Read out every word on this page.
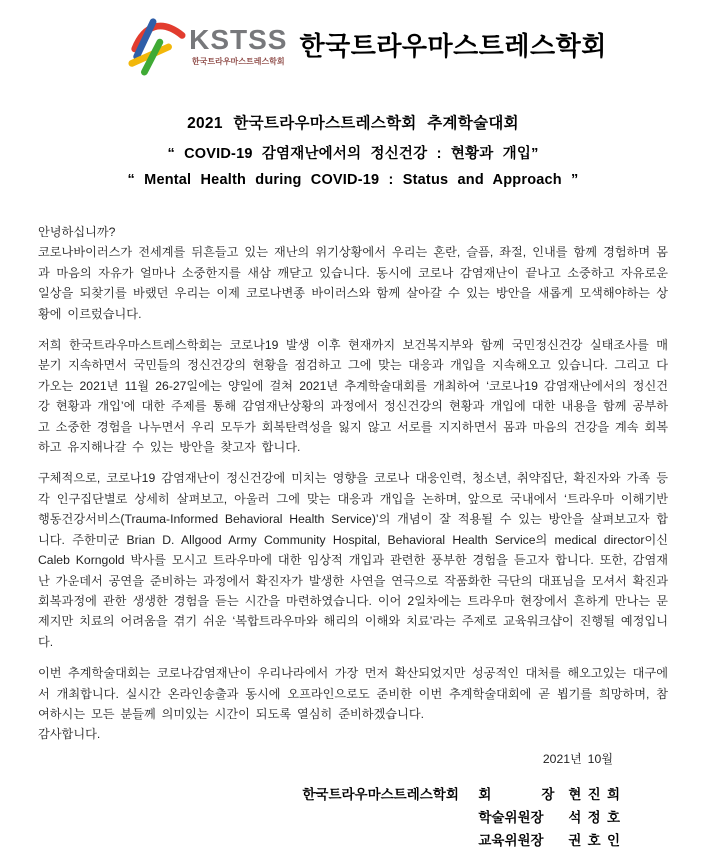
KSTSS
한국트라우마스트레스학회
한국트라우마스트레스학회
2021 한국트라우마스트레스학회 추계학술대회
“ COVID-19 감염재난에서의 정신건강 : 현황과 개입”
“ Mental Health during COVID-19 : Status and Approach ”
안녕하십니까?

코로나바이러스가 전세계를 뒤흔들고 있는 재난의 위기상황에서 우리는 혼란, 슬픔, 좌절, 인내를 함께 경험하며 몸과 마음의 자유가 얼마나 소중한지를 새삼 깨닫고 있습니다. 동시에 코로나 감염재난이 끝나고 소중하고 자유로운 일상을 되찾기를 바랬던 우리는 이제 코로나변종 바이러스와 함께 살아갈 수 있는 방안을 새롭게 모색해야하는 상황에 이르렀습니다.

저희 한국트라우마스트레스학회는 코로나19 발생 이후 현재까지 보건복지부와 함께 국민정신건강 실태조사를 매 분기 지속하면서 국민들의 정신건강의 현황을 점검하고 그에 맞는 대응과 개입을 지속해오고 있습니다. 그리고 다가오는 2021년 11월 26-27일에는 양일에 걸쳐 2021년 추계학술대회를 개최하여 ‘코로나19 감염재난에서의 정신건강 현황과 개입’에 대한 주제를 통해 감염재난상황의 과정에서 정신건강의 현황과 개입에 대한 내용을 함께 공부하고 소중한 경험을 나누면서 우리 모두가 회복탄력성을 잃지 않고 서로를 지지하면서 몸과 마음의 건강을 계속 회복하고 유지해나갈 수 있는 방안을 찾고자 합니다.

구체적으로, 코로나19 감염재난이 정신건강에 미치는 영향을 코로나 대응인력, 청소년, 취약집단, 확진자와 가족 등 각 인구집단별로 상세히 살펴보고, 아울러 그에 맞는 대응과 개입을 논하며, 앞으로 국내에서 ‘트라우마 이해기반 행동건강서비스(Trauma-Informed Behavioral Health Service)’의 개념이 잘 적용될 수 있는 방안을 살펴보고자 합니다. 주한미군 Brian D. Allgood Army Community Hospital, Behavioral Health Service의 medical director이신 Caleb Korngold 박사를 모시고 트라우마에 대한 임상적 개입과 관련한 풍부한 경험을 듣고자 합니다. 또한, 감염재난 가운데서 공연을 준비하는 과정에서 확진자가 발생한 사연을 연극으로 작품화한 극단의 대표님을 모셔서 확진과 회복과정에 관한 생생한 경험을 듣는 시간을 마련하였습니다. 이어 2일차에는 트라우마 현장에서 흔하게 만나는 문제지만 치료의 어려움을 겪기 쉬운 ‘복합트라우마와 해리의 이해와 치료’라는 주제로 교육워크샵이 진행될 예정입니다.

이번 추계학술대회는 코로나감염재난이 우리나라에서 가장 먼저 확산되었지만 성공적인 대처를 해오고있는 대구에서 개최합니다. 실시간 온라인송출과 동시에 오프라인으로도 준비한 이번 추계학술대회에 곧 뵙기를 희망하며, 참여하시는 모든 분들께 의미있는 시간이 되도록 열심히 준비하겠습니다.

감사합니다.
2021년 10월
한국트라우마스트레스학회 회        장 현 진 희
학술위원장	석 정 호
교육위원장	권 호 인
